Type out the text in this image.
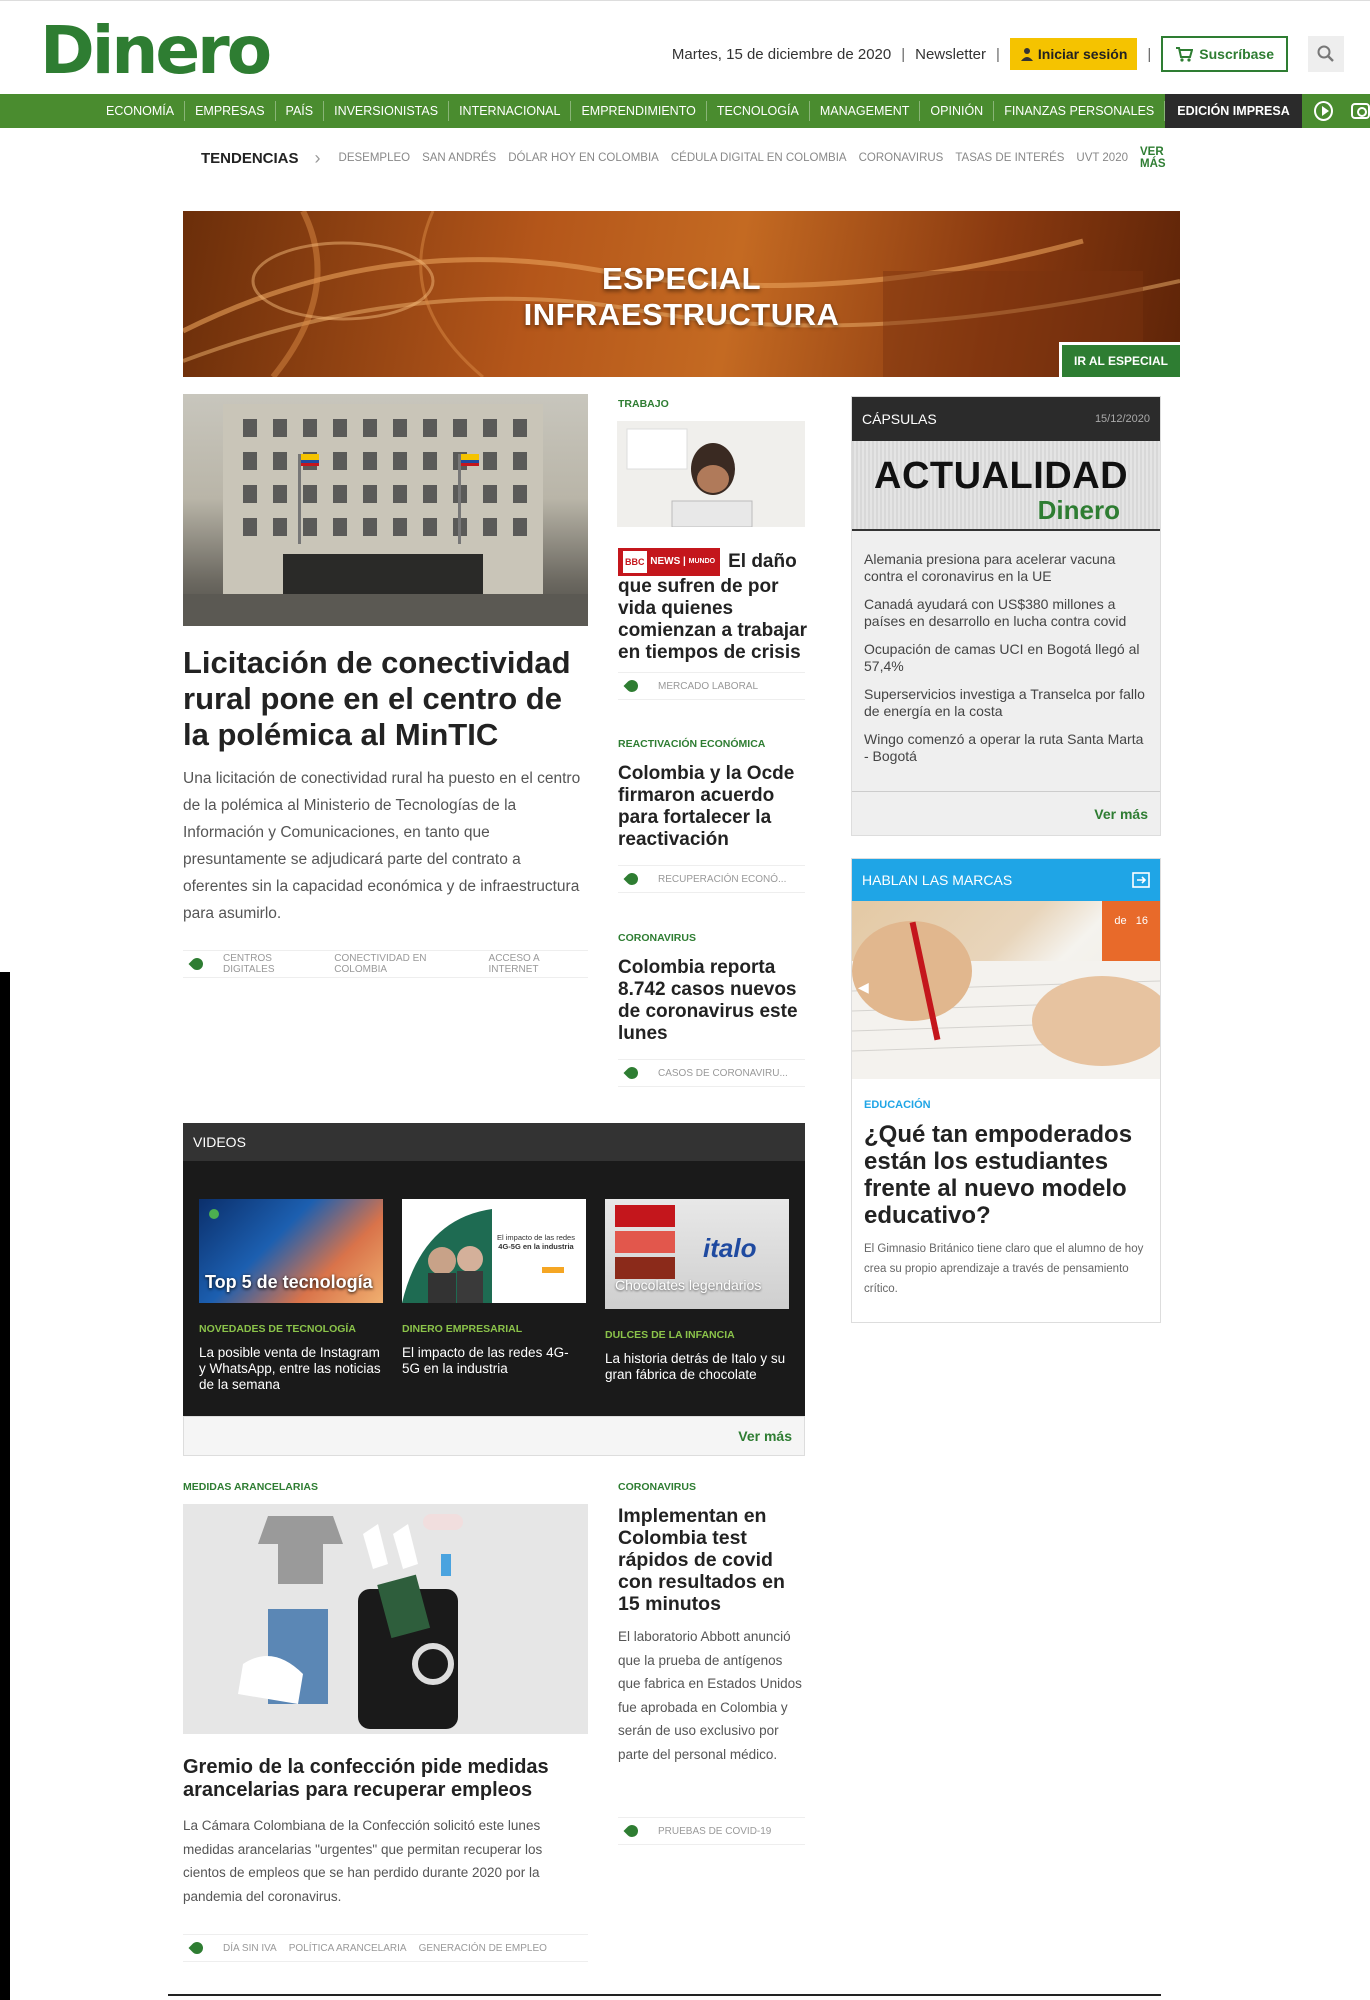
Dinero	Martes, 15 de diciembre de 2020 | Newsletter |	Iniciar sesión |	Suscríbase
ECONOMÍA	EMPRESAS	PAÍS	INVERSIONISTAS	INTERNACIONAL	EMPRENDIMIENTO	TECNOLOGÍA	MANAGEMENT	OPINIÓN	FINANZAS PERSONALES	EDICIÓN IMPRESA
TENDENCIAS › DESEMPLEO SAN ANDRÉS DÓLAR HOY EN COLOMBIA CÉDULA DIGITAL EN COLOMBIA CORONAVIRUS TASAS DE INTERÉS UVT 2020 VER MÁS
ESPECIAL
INFRAESTRUCTURA
IR AL ESPECIAL
Licitación de conectividad rural pone en el centro de la polémica al MinTIC
Una licitación de conectividad rural ha puesto en el centro de la polémica al Ministerio de Tecnologías de la Información y Comunicaciones, en tanto que presuntamente se adjudicará parte del contrato a oferentes sin la capacidad económica y de infraestructura para asumirlo.
CENTROS DIGITALES
CONECTIVIDAD EN COLOMBIA
ACCESO A INTERNET
TRABAJO
BBC
NEWS | MUNDO El daño que sufren de por vida quienes comienzan a trabajar en tiempos de crisis
MERCADO LABORAL
REACTIVACIÓN ECONÓMICA
Colombia y la Ocde firmaron acuerdo para fortalecer la reactivación
RECUPERACIÓN ECONÓ...
CORONAVIRUS
Colombia reporta 8.742 casos nuevos de coronavirus este lunes
CASOS DE CORONAVIRU...
CÁPSULAS	15/12/2020
ACTUALIDAD
Dinero
Alemania presiona para acelerar vacuna contra el coronavirus en la UE
Canadá ayudará con US$380 millones a países en desarrollo en lucha contra covid
Ocupación de camas UCI en Bogotá llegó al 57,4%
Superservicios investiga a Transelca por fallo de energía en la costa
Wingo comenzó a operar la ruta Santa Marta - Bogotá
Ver más
HABLAN LAS MARCAS
◀
de 16
EDUCACIÓN
¿Qué tan empoderados están los estudiantes frente al nuevo modelo educativo?
El Gimnasio Británico tiene claro que el alumno de hoy crea su propio aprendizaje a través de pensamiento crítico.
VIDEOS
Top 5 de tecnología
NOVEDADES DE TECNOLOGÍA
La posible venta de Instagram y WhatsApp, entre las noticias de la semana
El impacto de las redes
4G-5G en la industria
DINERO EMPRESARIAL
El impacto de las redes 4G-5G en la industria
italo
Chocolates legendarios
DULCES DE LA INFANCIA
La historia detrás de Italo y su gran fábrica de chocolate
Ver más
MEDIDAS ARANCELARIAS
Gremio de la confección pide medidas arancelarias para recuperar empleos
La Cámara Colombiana de la Confección solicitó este lunes medidas arancelarias "urgentes" que permitan recuperar los cientos de empleos que se han perdido durante 2020 por la pandemia del coronavirus.
DÍA SIN IVA POLÍTICA ARANCELARIA GENERACIÓN DE EMPLEO
CORONAVIRUS
Implementan en Colombia test rápidos de covid con resultados en 15 minutos
El laboratorio Abbott anunció que la prueba de antígenos que fabrica en Estados Unidos fue aprobada en Colombia y serán de uso exclusivo por parte del personal médico.
PRUEBAS DE COVID-19
